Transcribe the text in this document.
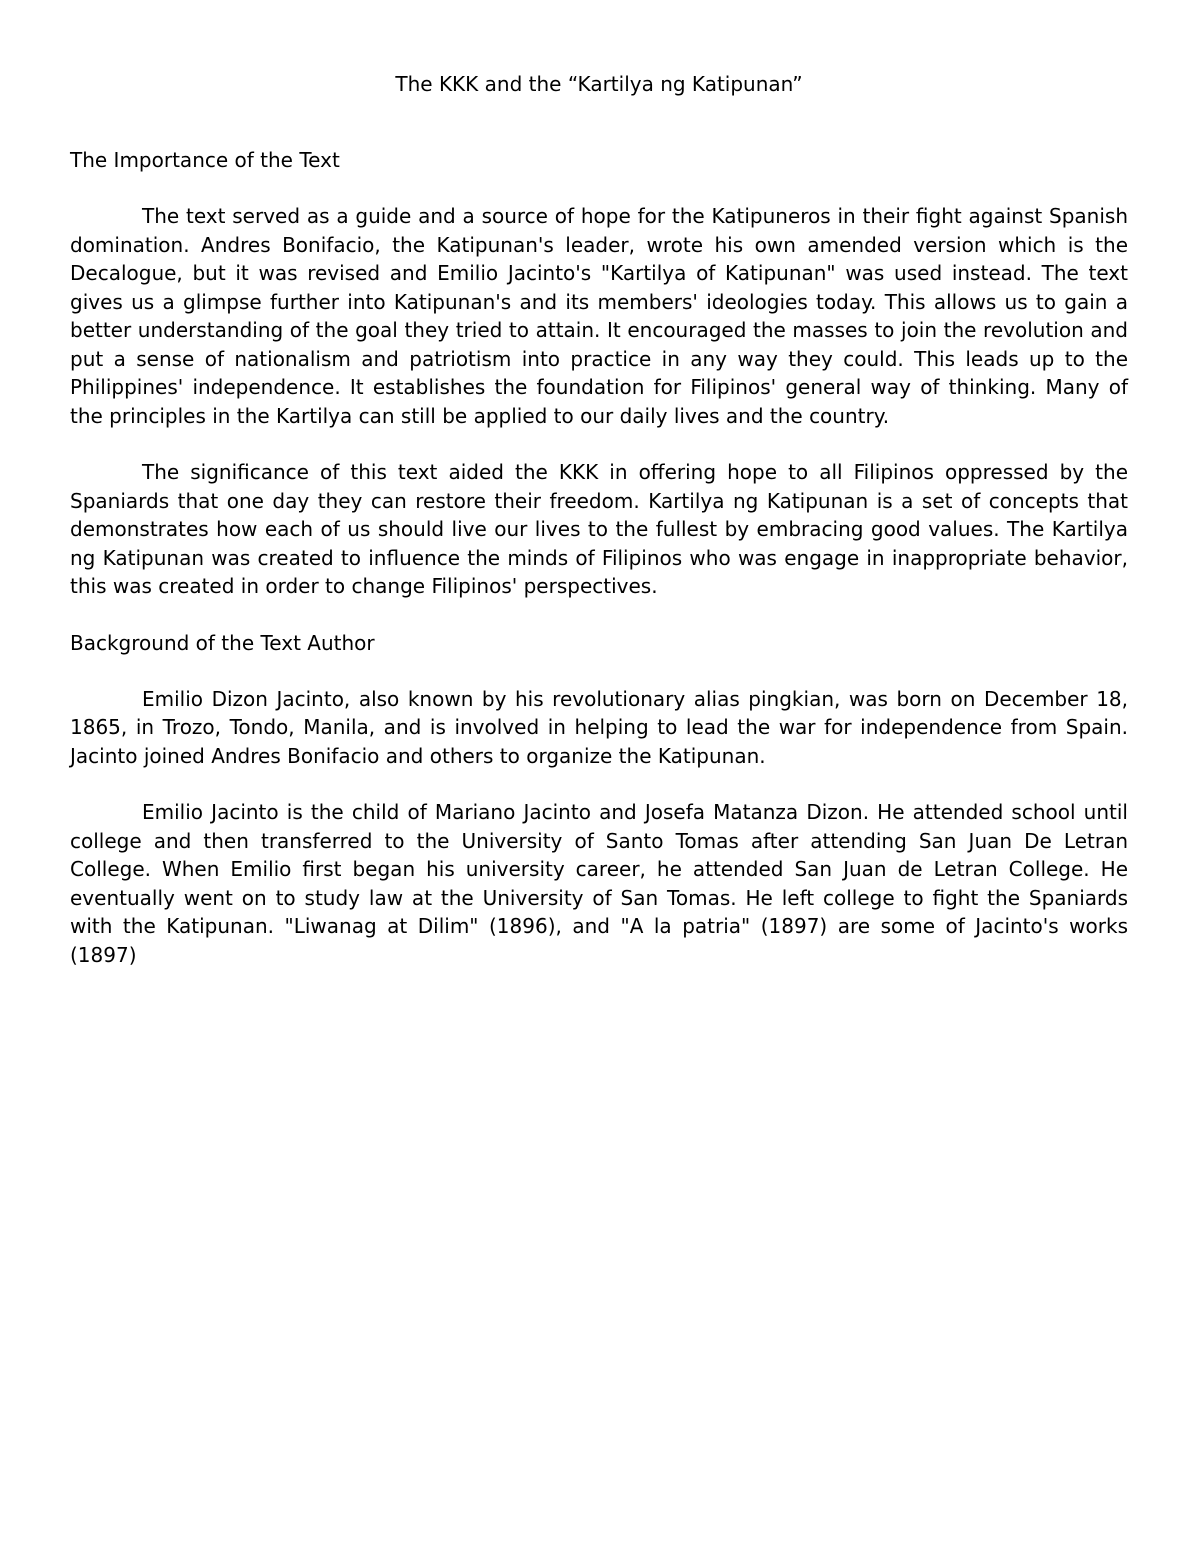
The KKK and the “Kartilya ng Katipunan”
The Importance of the Text

The text served as a guide and a source of hope for the Katipuneros in their fight against Spanish domination. Andres Bonifacio, the Katipunan's leader, wrote his own amended version which is the Decalogue, but it was revised and Emilio Jacinto's "Kartilya of Katipunan" was used instead. The text gives us a glimpse further into Katipunan's and its members' ideologies today. This allows us to gain a better understanding of the goal they tried to attain. It encouraged the masses to join the revolution and put a sense of nationalism and patriotism into practice in any way they could. This leads up to the Philippines' independence. It establishes the foundation for Filipinos' general way of thinking. Many of the principles in the Kartilya can still be applied to our daily lives and the country.

The significance of this text aided the KKK in offering hope to all Filipinos oppressed by the Spaniards that one day they can restore their freedom. Kartilya ng Katipunan is a set of concepts that demonstrates how each of us should live our lives to the fullest by embracing good values. The Kartilya ng Katipunan was created to influence the minds of Filipinos who was engage in inappropriate behavior, this was created in order to change Filipinos' perspectives.

Background of the Text Author

Emilio Dizon Jacinto, also known by his revolutionary alias pingkian, was born on December 18, 1865, in Trozo, Tondo, Manila, and is involved in helping to lead the war for independence from Spain. Jacinto joined Andres Bonifacio and others to organize the Katipunan.

Emilio Jacinto is the child of Mariano Jacinto and Josefa Matanza Dizon. He attended school until college and then transferred to the University of Santo Tomas after attending San Juan De Letran College. When Emilio first began his university career, he attended San Juan de Letran College. He eventually went on to study law at the University of San Tomas. He left college to fight the Spaniards with the Katipunan. "Liwanag at Dilim" (1896), and "A la patria" (1897) are some of Jacinto's works (1897)
